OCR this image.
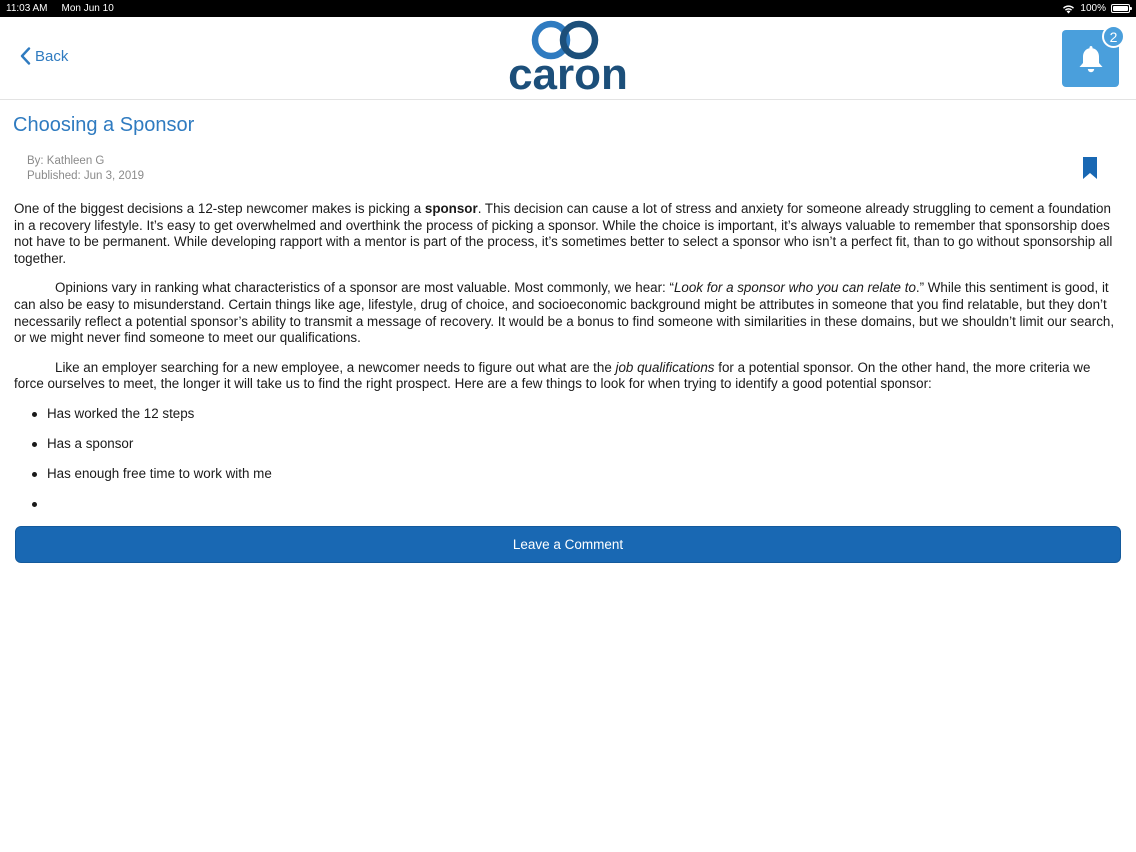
11:03 AM Mon Jun 10	100%
Back	caron
2
Choosing a Sponsor
By: Kathleen G
Published: Jun 3, 2019

One of the biggest decisions a 12-step newcomer makes is picking a sponsor. This decision can cause a lot of stress and anxiety for someone already struggling to cement a foundation in a recovery lifestyle. It’s easy to get overwhelmed and overthink the process of picking a sponsor. While the choice is important, it’s always valuable to remember that sponsorship does not have to be permanent. While developing rapport with a mentor is part of the process, it’s sometimes better to select a sponsor who isn’t a perfect fit, than to go without sponsorship all together.

Opinions vary in ranking what characteristics of a sponsor are most valuable. Most commonly, we hear: “Look for a sponsor who you can relate to.” While this sentiment is good, it can also be easy to misunderstand. Certain things like age, lifestyle, drug of choice, and socioeconomic background might be attributes in someone that you find relatable, but they don’t necessarily reflect a potential sponsor’s ability to transmit a message of recovery. It would be a bonus to find someone with similarities in these domains, but we shouldn’t limit our search, or we might never find someone to meet our qualifications.

Like an employer searching for a new employee, a newcomer needs to figure out what are the job qualifications for a potential sponsor. On the other hand, the more criteria we force ourselves to meet, the longer it will take us to find the right prospect. Here are a few things to look for when trying to identify a good potential sponsor:

Has worked the 12 steps
Has a sponsor
Has enough free time to work with me
Leave a Comment
